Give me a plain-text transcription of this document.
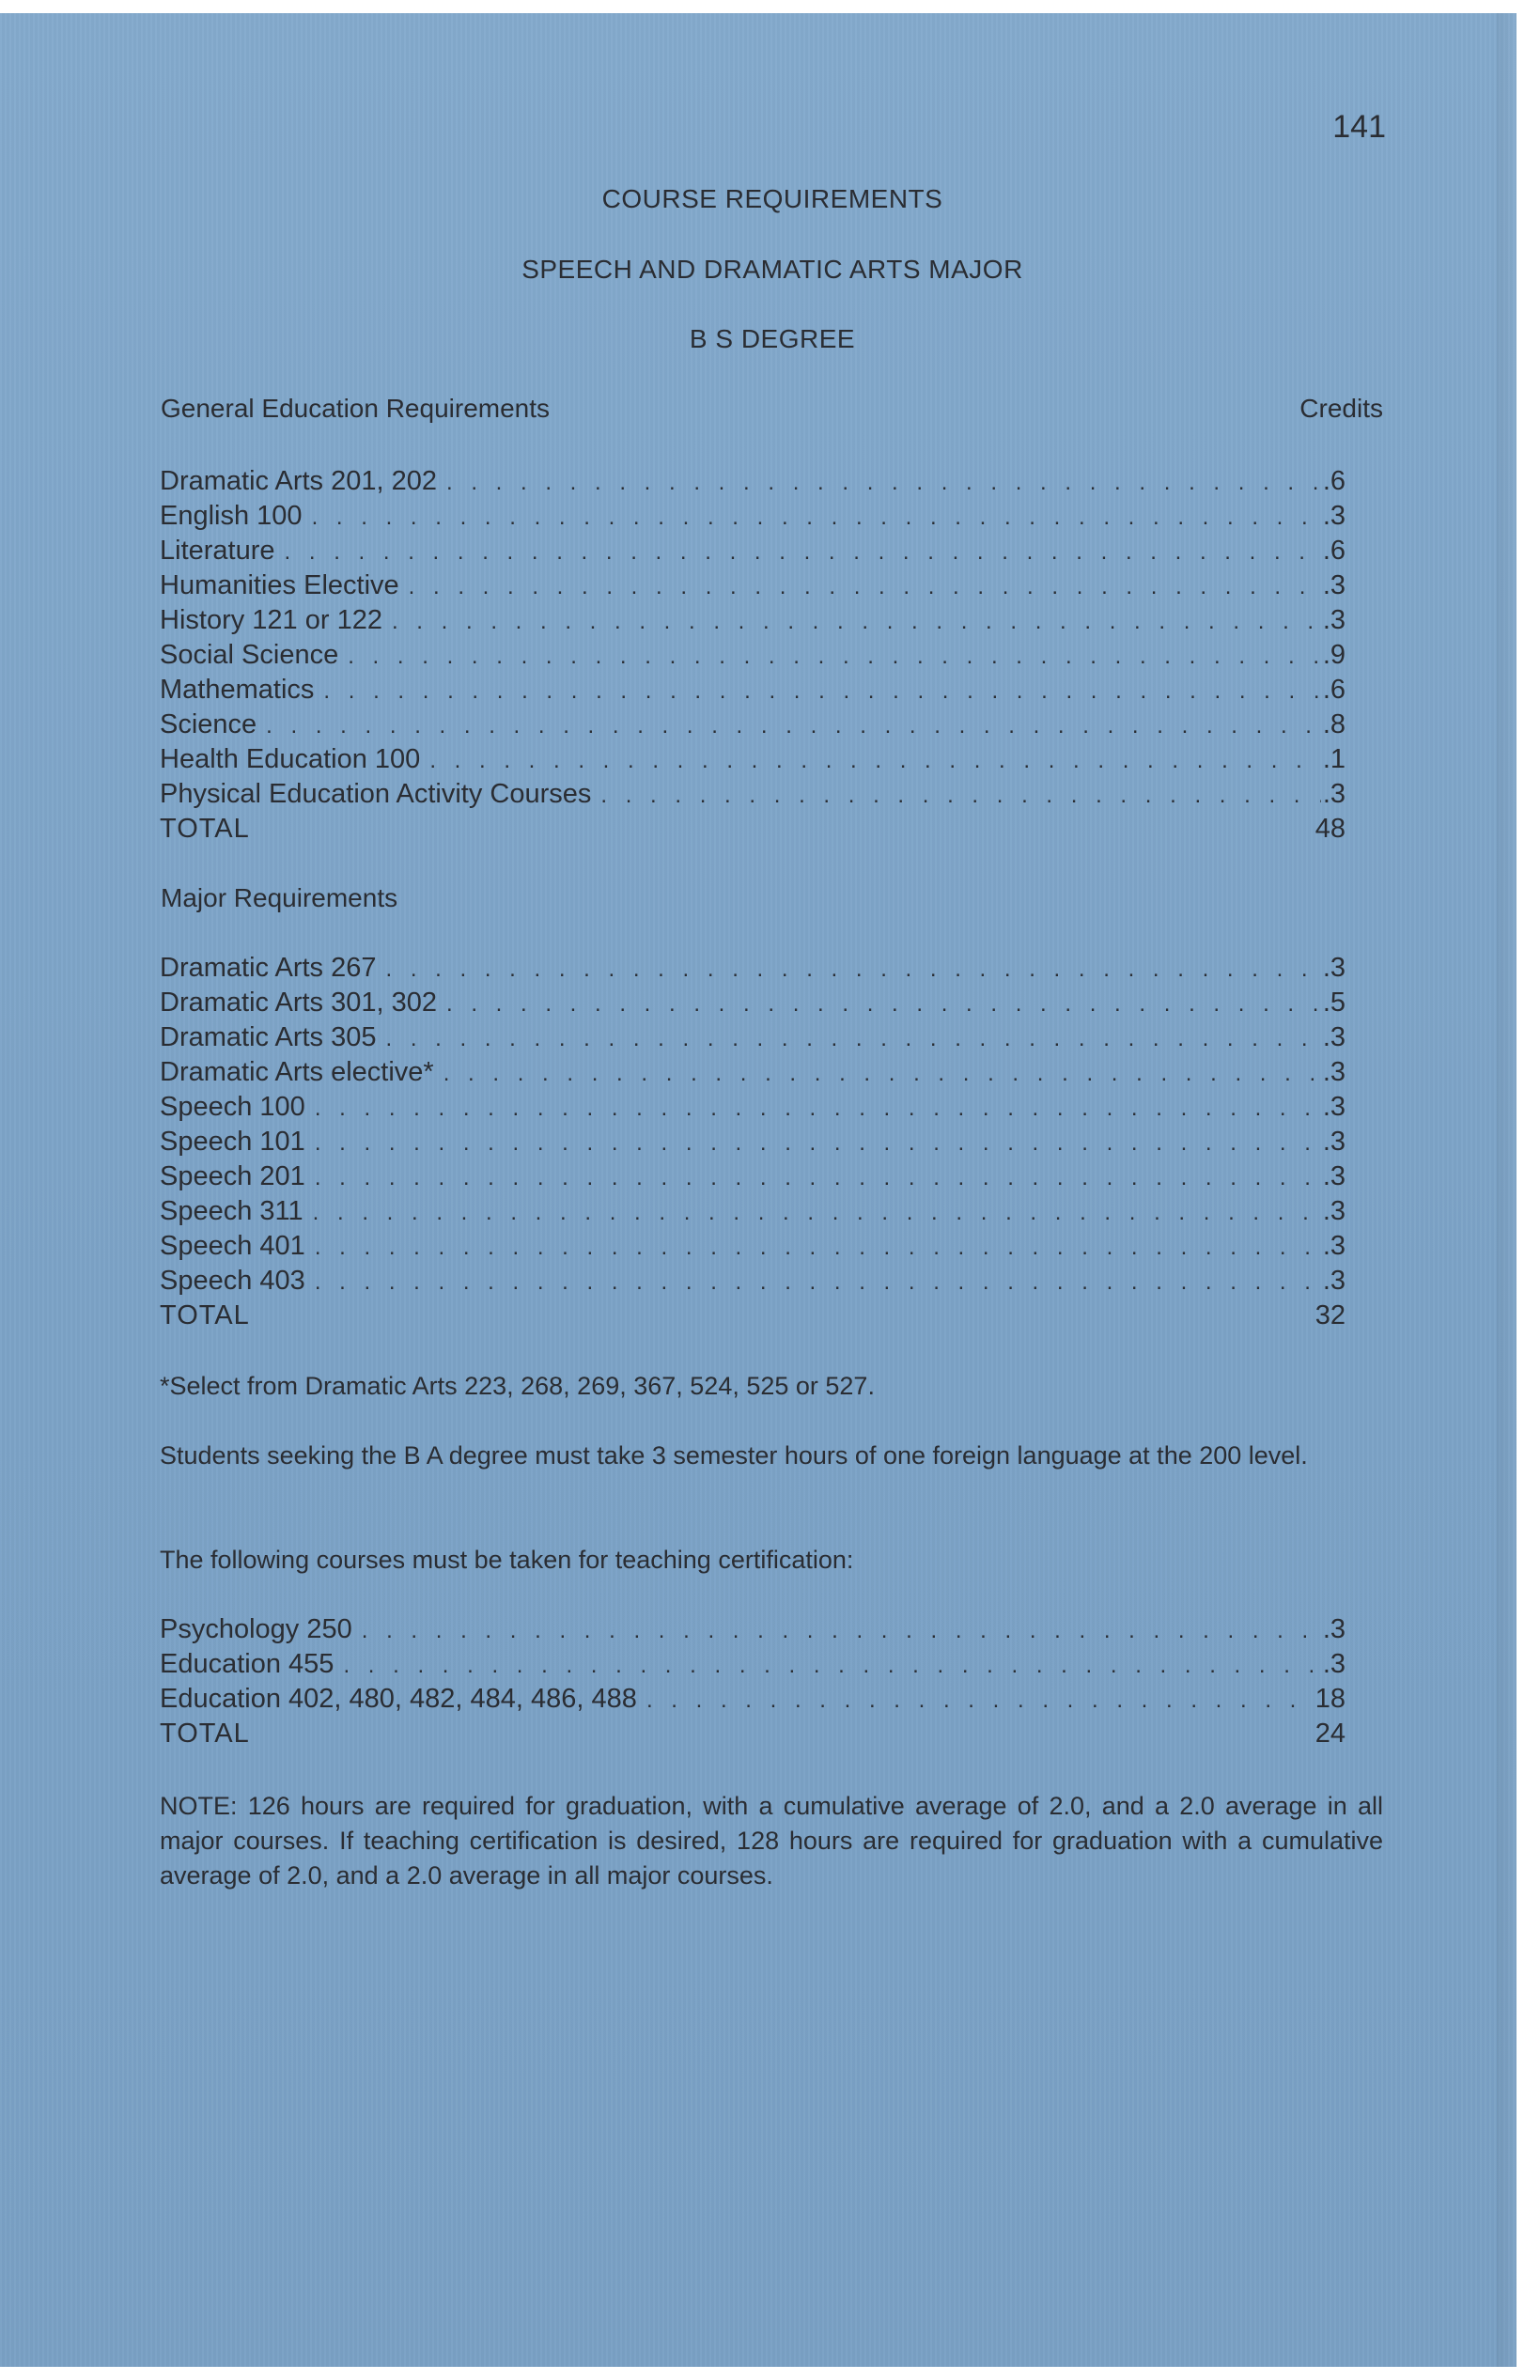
141
COURSE REQUIREMENTS
SPEECH AND DRAMATIC ARTS MAJOR
B S DEGREE
General Education Requirements	Credits
Dramatic Arts 201, 202 . . .	.6
English 100 . . .	.3
Literature . . .	.6
Humanities Elective . . .	.3
History 121 or 122 . . .	.3
Social Science . . .	.9
Mathematics . . .	.6
Science . . .	.8
Health Education 100 . . .	.1
Physical Education Activity Courses . . .	.3
TOTAL	48
Major Requirements
Dramatic Arts 267 . . .	.3
Dramatic Arts 301, 302 . . .	.5
Dramatic Arts 305 . . .	.3
Dramatic Arts elective* . . .	.3
Speech 100 . . .	.3
Speech 101 . . .	.3
Speech 201 . . .	.3
Speech 311 . . .	.3
Speech 401 . . .	.3
Speech 403 . . .	.3
TOTAL	32

*Select from Dramatic Arts 223, 268, 269, 367, 524, 525 or 527.

Students seeking the B A degree must take 3 semester hours of one foreign language at the 200 level.

The following courses must be taken for teaching certification:

Psychology 250 . . .	.3
Education 455 . . .	.3
Education 402, 480, 482, 484, 486, 488 . . .	18
TOTAL	24

NOTE: 126 hours are required for graduation, with a cumulative average of 2.0, and a 2.0 average in all major courses. If teaching certification is desired, 128 hours are required for graduation with a cumulative average of 2.0, and a 2.0 average in all major courses.
